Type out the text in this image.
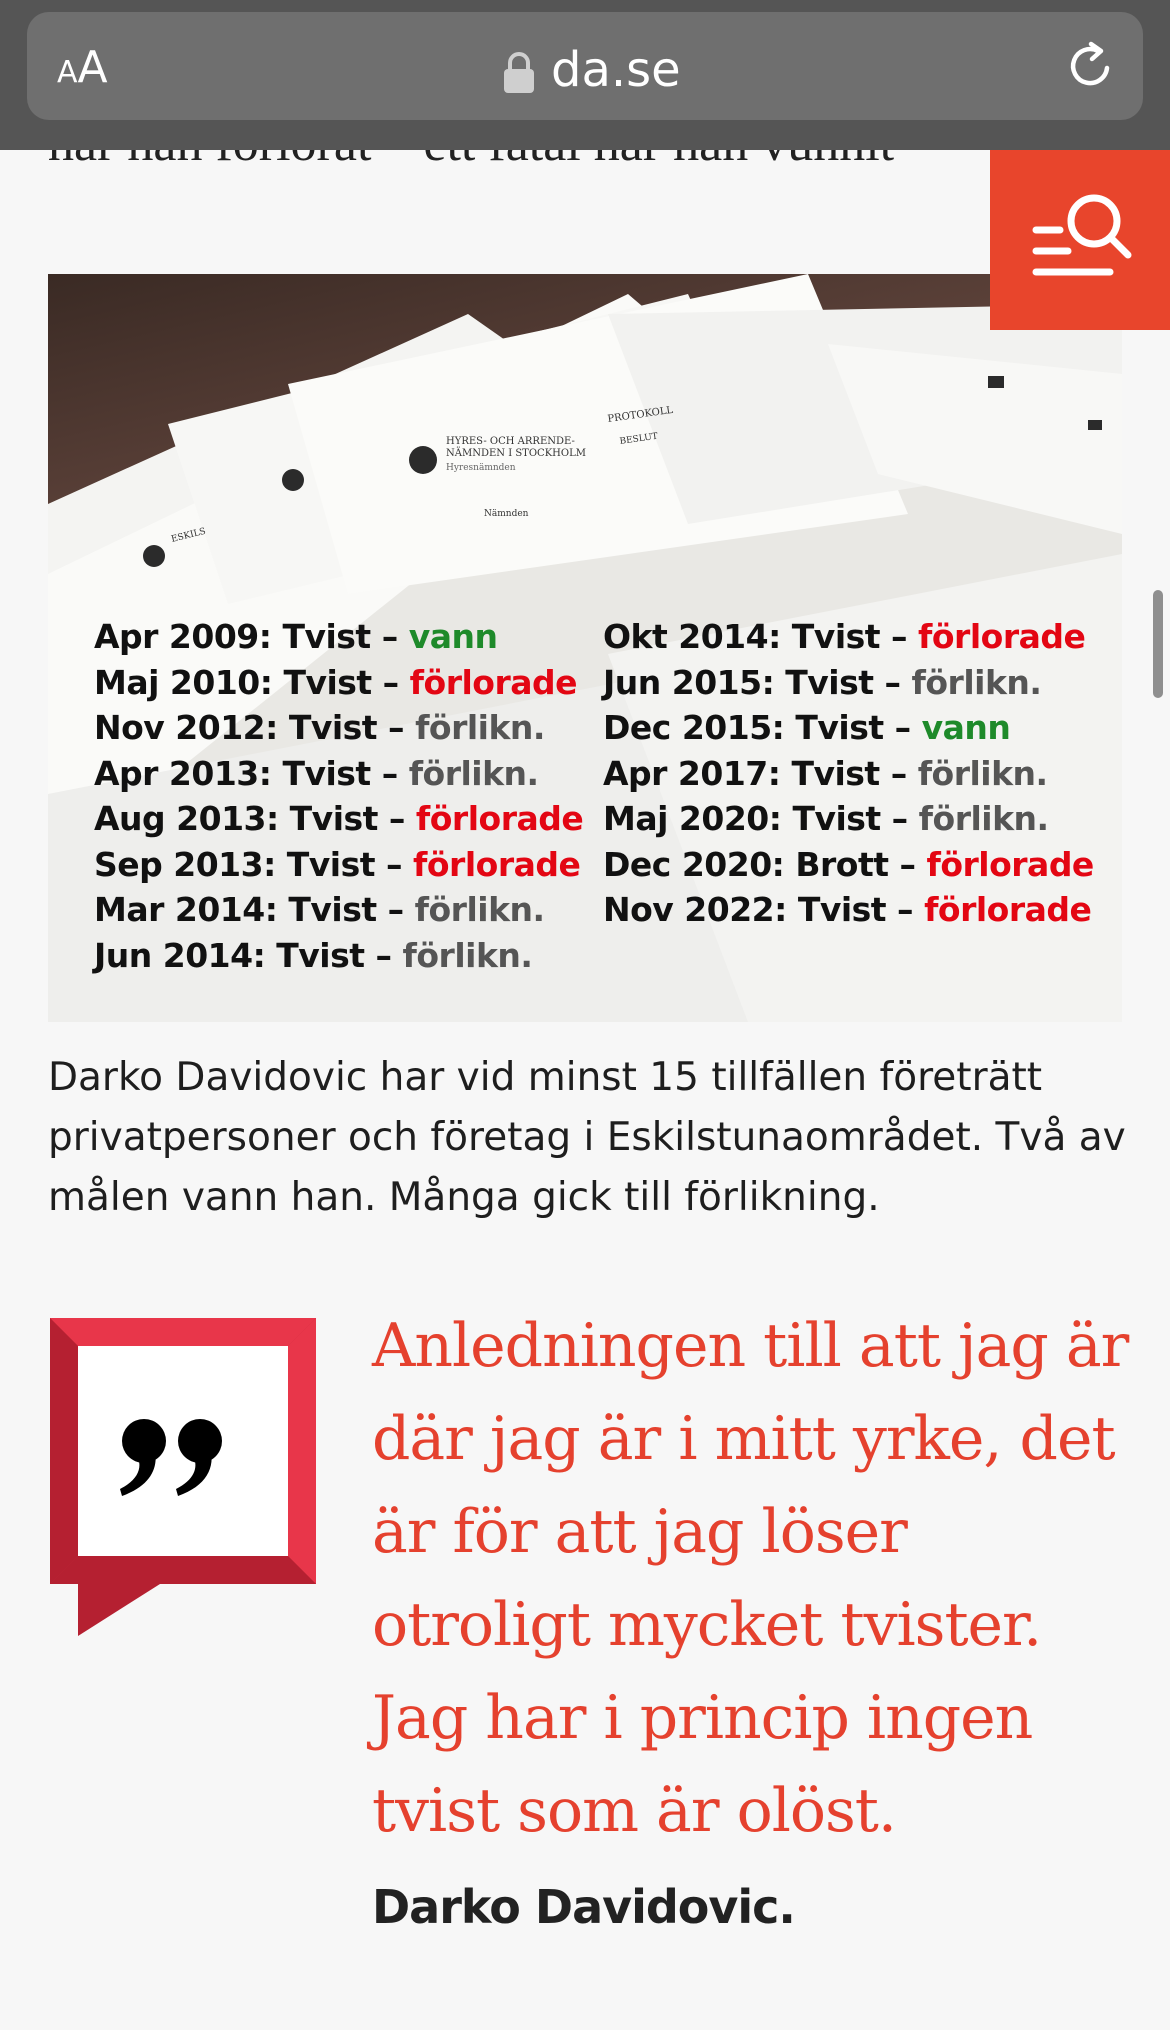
AA	da.se
HYRES- OCH ARRENDE-
NÄMNDEN I STOCKHOLM
Hyresnämnden
PROTOKOLL
BESLUT
Nämnden
ESKILS
Apr 2009: Tvist – vann
Maj 2010: Tvist – förlorade
Nov 2012: Tvist – förlikn.
Apr 2013: Tvist – förlikn.
Aug 2013: Tvist – förlorade
Sep 2013: Tvist – förlorade
Mar 2014: Tvist – förlikn.
Jun 2014: Tvist – förlikn.
Okt 2014: Tvist – förlorade
Jun 2015: Tvist – förlikn.
Dec 2015: Tvist – vann
Apr 2017: Tvist – förlikn.
Maj 2020: Tvist – förlikn.
Dec 2020: Brott – förlorade
Nov 2022: Tvist – förlorade
Darko Davidovic har vid minst 15 tillfällen företrätt privatpersoner och företag i Eskilstunaområdet. Två av målen vann han. Många gick till förlikning.
Anledningen till att jag är där jag är i mitt yrke, det är för att jag löser otroligt mycket tvister. Jag har i princip ingen tvist som är olöst.
Darko Davidovic.
